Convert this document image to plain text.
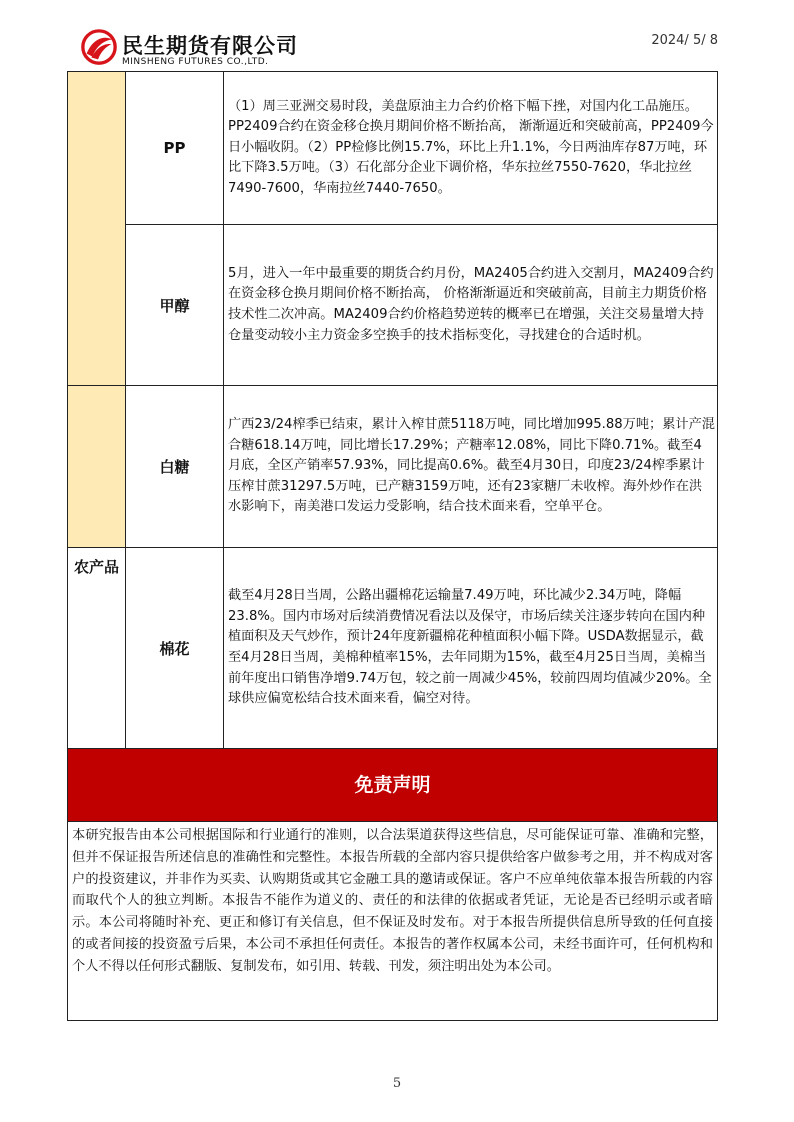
民生期货有限公司
MINSHENG FUTURES CO.,LTD.
2024/ 5/ 8
	PP	（1）周三亚洲交易时段，美盘原油主力合约价格下幅下挫，对国内化工品施压。PP2409合约在资金移仓换月期间价格不断抬高， 渐渐逼近和突破前高，PP2409今日小幅收阴。（2）PP检修比例15.7%，环比上升1.1%，今日两油库存87万吨，环比下降3.5万吨。（3）石化部分企业下调价格，华东拉丝7550-7620，华北拉丝7490-7600，华南拉丝7440-7650。
	甲醇	5月，进入一年中最重要的期货合约月份，MA2405合约进入交割月，MA2409合约在资金移仓换月期间价格不断抬高， 价格渐渐逼近和突破前高，目前主力期货价格技术性二次冲高。MA2409合约价格趋势逆转的概率已在增强，关注交易量增大持仓量变动较小主力资金多空换手的技术指标变化，寻找建仓的合适时机。
	白糖	广西23/24榨季已结束，累计入榨甘蔗5118万吨，同比增加995.88万吨；累计产混合糖618.14万吨，同比增长17.29%；产糖率12.08%，同比下降0.71%。截至4月底，全区产销率57.93%，同比提高0.6%。截至4月30日，印度23/24榨季累计压榨甘蔗31297.5万吨，已产糖3159万吨，还有23家糖厂未收榨。海外炒作在洪水影响下，南美港口发运力受影响，结合技术面来看，空单平仓。
农产品	棉花	截至4月28日当周，公路出疆棉花运输量7.49万吨，环比减少2.34万吨，降幅23.8%。国内市场对后续消费情况看法以及保守，市场后续关注逐步转向在国内种植面积及天气炒作，预计24年度新疆棉花种植面积小幅下降。USDA数据显示，截至4月28日当周，美棉种植率15%，去年同期为15%，截至4月25日当周，美棉当前年度出口销售净增9.74万包，较之前一周减少45%，较前四周均值减少20%。全球供应偏宽松结合技术面来看，偏空对待。
免责声明
本研究报告由本公司根据国际和行业通行的准则，以合法渠道获得这些信息，尽可能保证可靠、准确和完整，但并不保证报告所述信息的准确性和完整性。本报告所载的全部内容只提供给客户做参考之用，并不构成对客户的投资建议，并非作为买卖、认购期货或其它金融工具的邀请或保证。客户不应单纯依靠本报告所载的内容而取代个人的独立判断。本报告不能作为道义的、责任的和法律的依据或者凭证，无论是否已经明示或者暗示。本公司将随时补充、更正和修订有关信息，但不保证及时发布。对于本报告所提供信息所导致的任何直接的或者间接的投资盈亏后果，本公司不承担任何责任。本报告的著作权属本公司，未经书面许可，任何机构和个人不得以任何形式翻版、复制发布，如引用、转载、刊发，须注明出处为本公司。
5
